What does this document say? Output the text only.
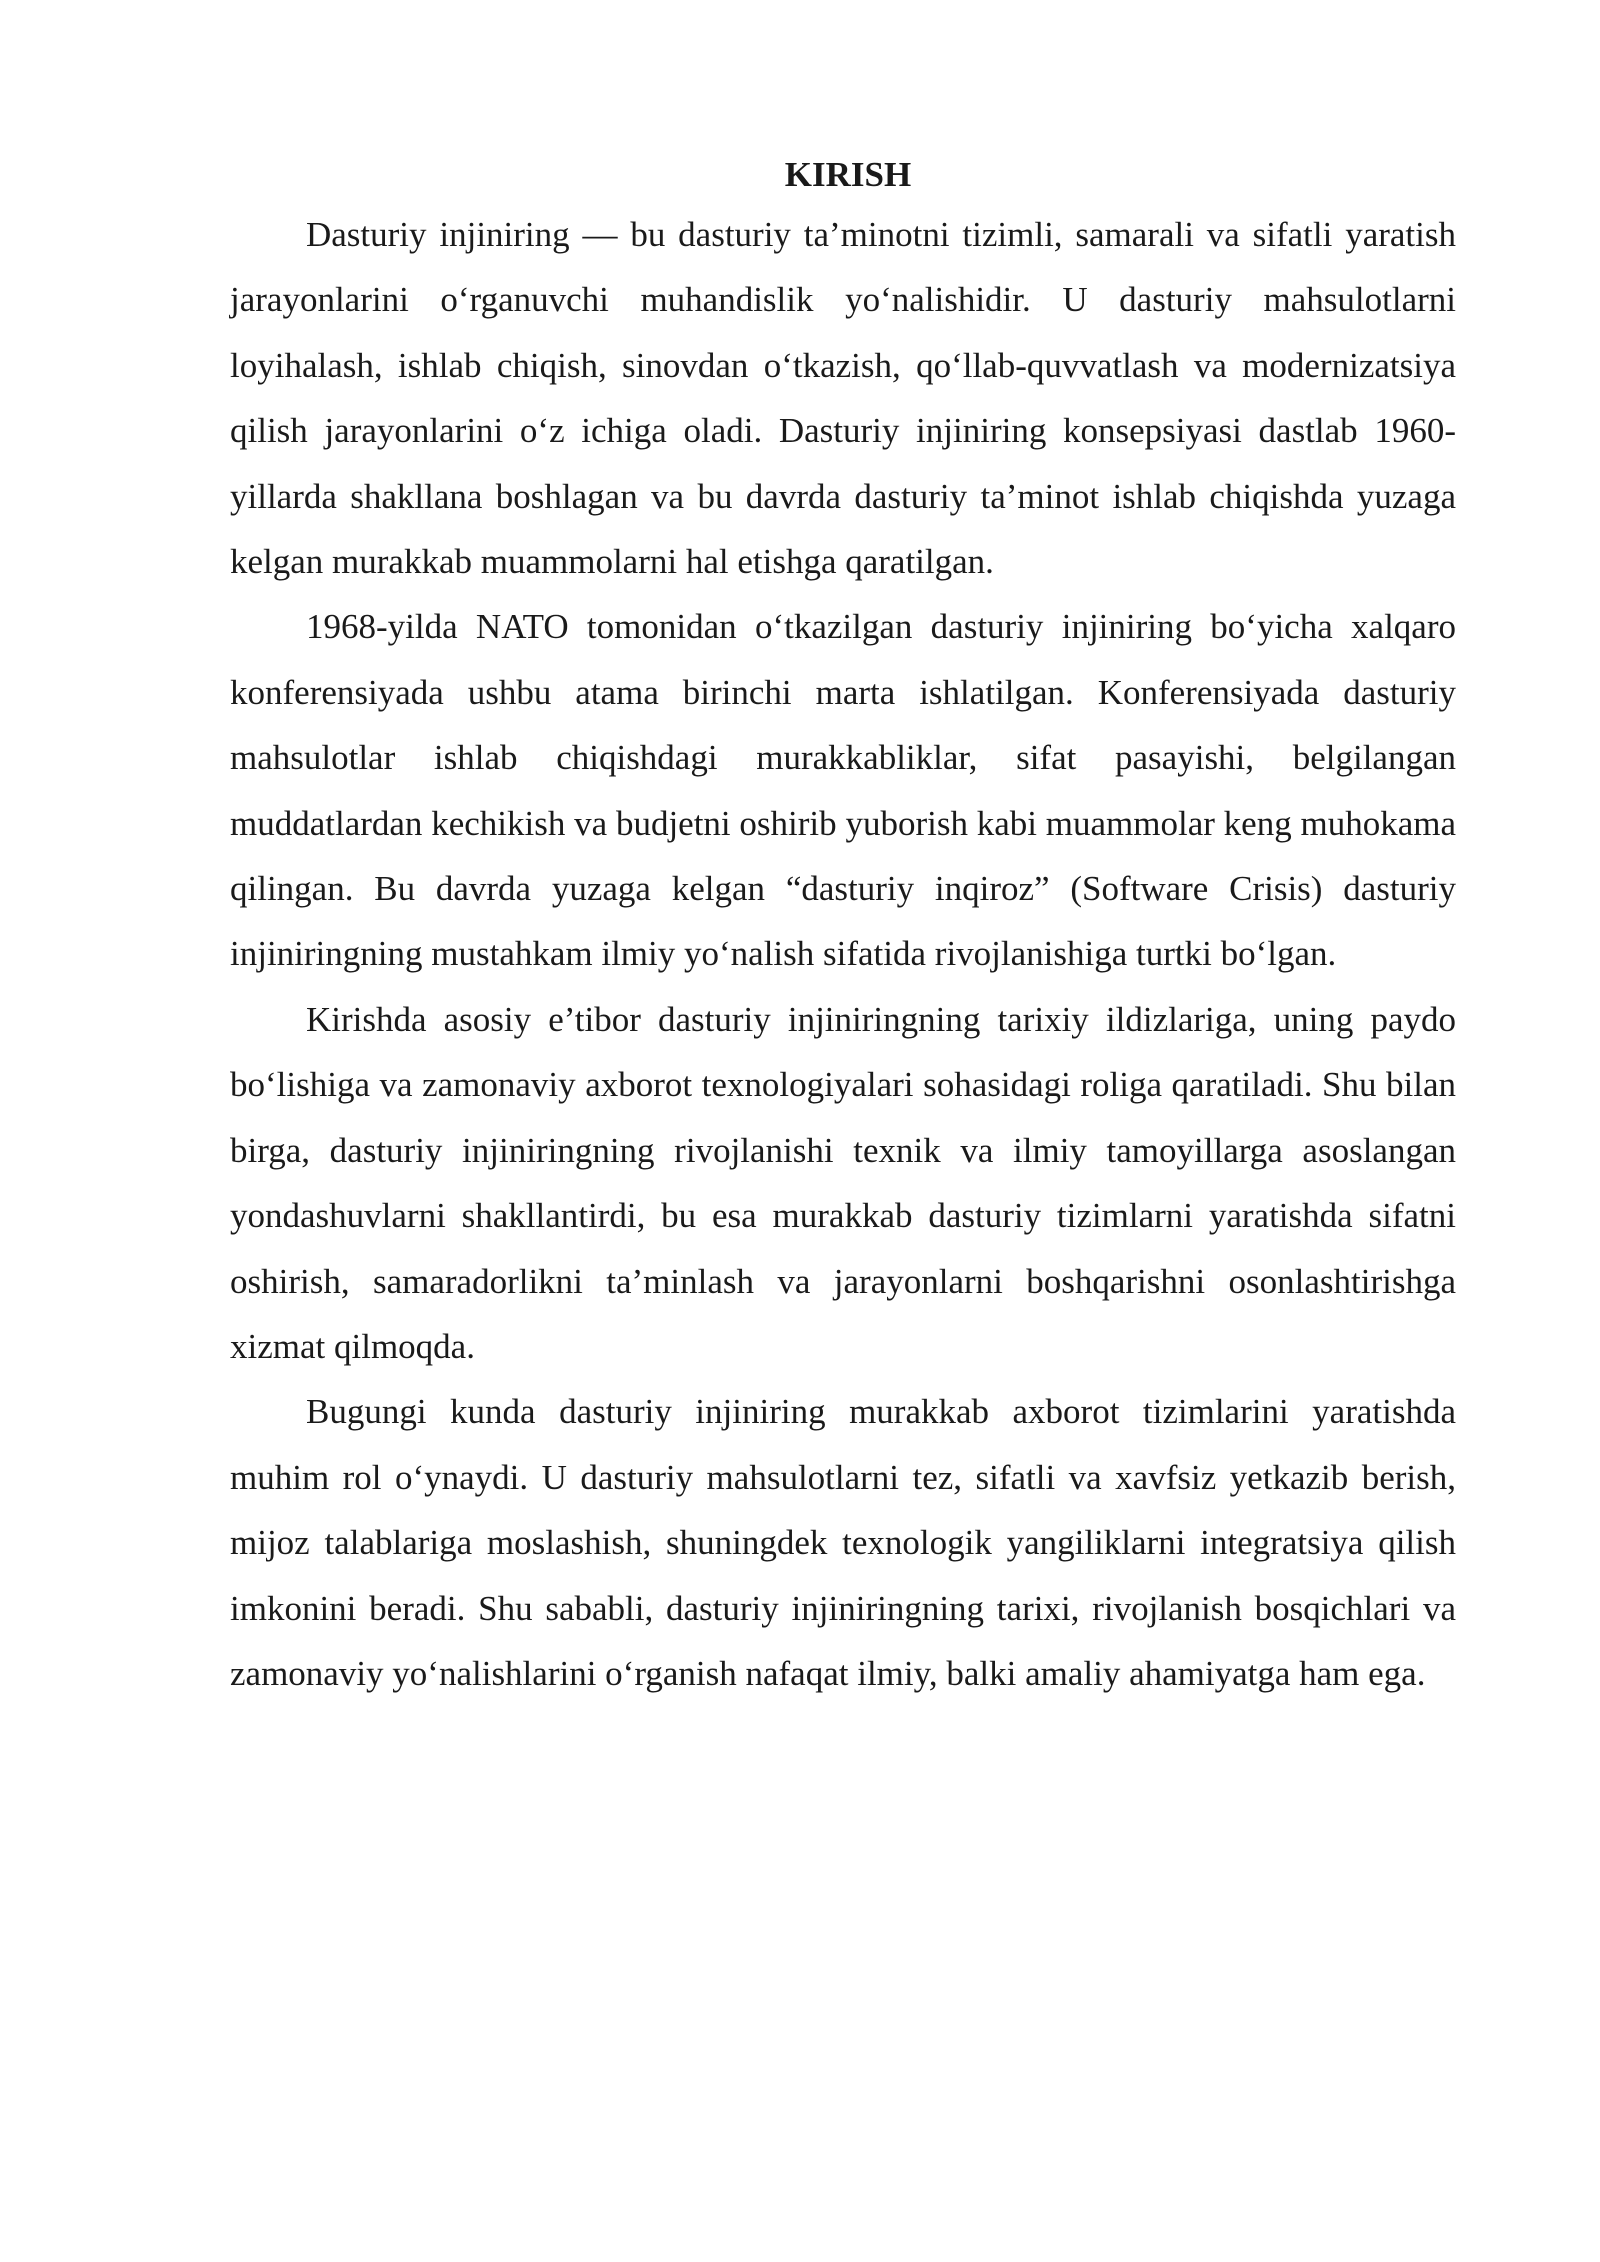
KIRISH

Dasturiy injiniring — bu dasturiy ta’minotni tizimli, samarali va sifatli yaratish jarayonlarini o‘rganuvchi muhandislik yo‘nalishidir. U dasturiy mahsulotlarni loyihalash, ishlab chiqish, sinovdan o‘tkazish, qo‘llab-quvvatlash va modernizatsiya qilish jarayonlarini o‘z ichiga oladi. Dasturiy injiniring konsepsiyasi dastlab 1960-yillarda shakllana boshlagan va bu davrda dasturiy ta’minot ishlab chiqishda yuzaga kelgan murakkab muammolarni hal etishga qaratilgan.

1968-yilda NATO tomonidan o‘tkazilgan dasturiy injiniring bo‘yicha xalqaro konferensiyada ushbu atama birinchi marta ishlatilgan. Konferensiyada dasturiy mahsulotlar ishlab chiqishdagi murakkabliklar, sifat pasayishi, belgilangan muddatlardan kechikish va budjetni oshirib yuborish kabi muammolar keng muhokama qilingan. Bu davrda yuzaga kelgan “dasturiy inqiroz” (Software Crisis) dasturiy injiniringning mustahkam ilmiy yo‘nalish sifatida rivojlanishiga turtki bo‘lgan.

Kirishda asosiy e’tibor dasturiy injiniringning tarixiy ildizlariga, uning paydo bo‘lishiga va zamonaviy axborot texnologiyalari sohasidagi roliga qaratiladi. Shu bilan birga, dasturiy injiniringning rivojlanishi texnik va ilmiy tamoyillarga asoslangan yondashuvlarni shakllantirdi, bu esa murakkab dasturiy tizimlarni yaratishda sifatni oshirish, samaradorlikni ta’minlash va jarayonlarni boshqarishni osonlashtirishga xizmat qilmoqda.

Bugungi kunda dasturiy injiniring murakkab axborot tizimlarini yaratishda muhim rol o‘ynaydi. U dasturiy mahsulotlarni tez, sifatli va xavfsiz yetkazib berish, mijoz talablariga moslashish, shuningdek texnologik yangiliklarni integratsiya qilish imkonini beradi. Shu sababli, dasturiy injiniringning tarixi, rivojlanish bosqichlari va zamonaviy yo‘nalishlarini o‘rganish nafaqat ilmiy, balki amaliy ahamiyatga ham ega.
